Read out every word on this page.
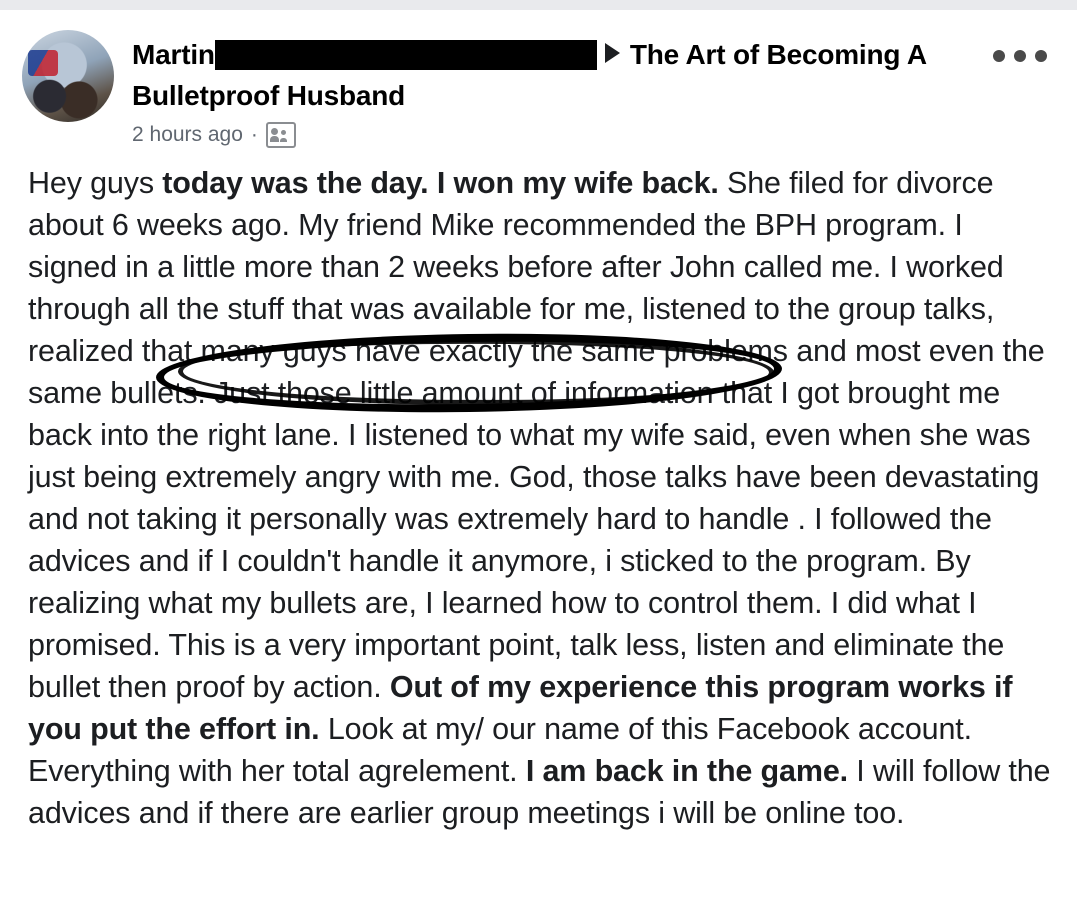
Martin	The Art of Becoming A Bulletproof Husband
2 hours ago ·
Hey guys today was the day. I won my wife back. She filed for divorce about 6 weeks ago. My friend Mike recommended the BPH program. I signed in a little more than 2 weeks before after John called me. I worked through all the stuff that was available for me, listened to the group talks, realized that many guys have exactly the same problems and most even the same bullets. Just those little amount of information that I got brought me back into the right lane. I listened to what my wife said, even when she was just being extremely angry with me. God, those talks have been devastating and not taking it personally was extremely hard to handle . I followed the advices and if I couldn't handle it anymore, i sticked to the program. By realizing what my bullets are, I learned how to control them. I did what I promised. This is a very important point, talk less, listen and eliminate the bullet then proof by action. Out of my experience this program works if you put the effort in. Look at my/ our name of this Facebook account. Everything with her total agrelement. I am back in the game. I will follow the advices and if there are earlier group meetings i will be online too.
